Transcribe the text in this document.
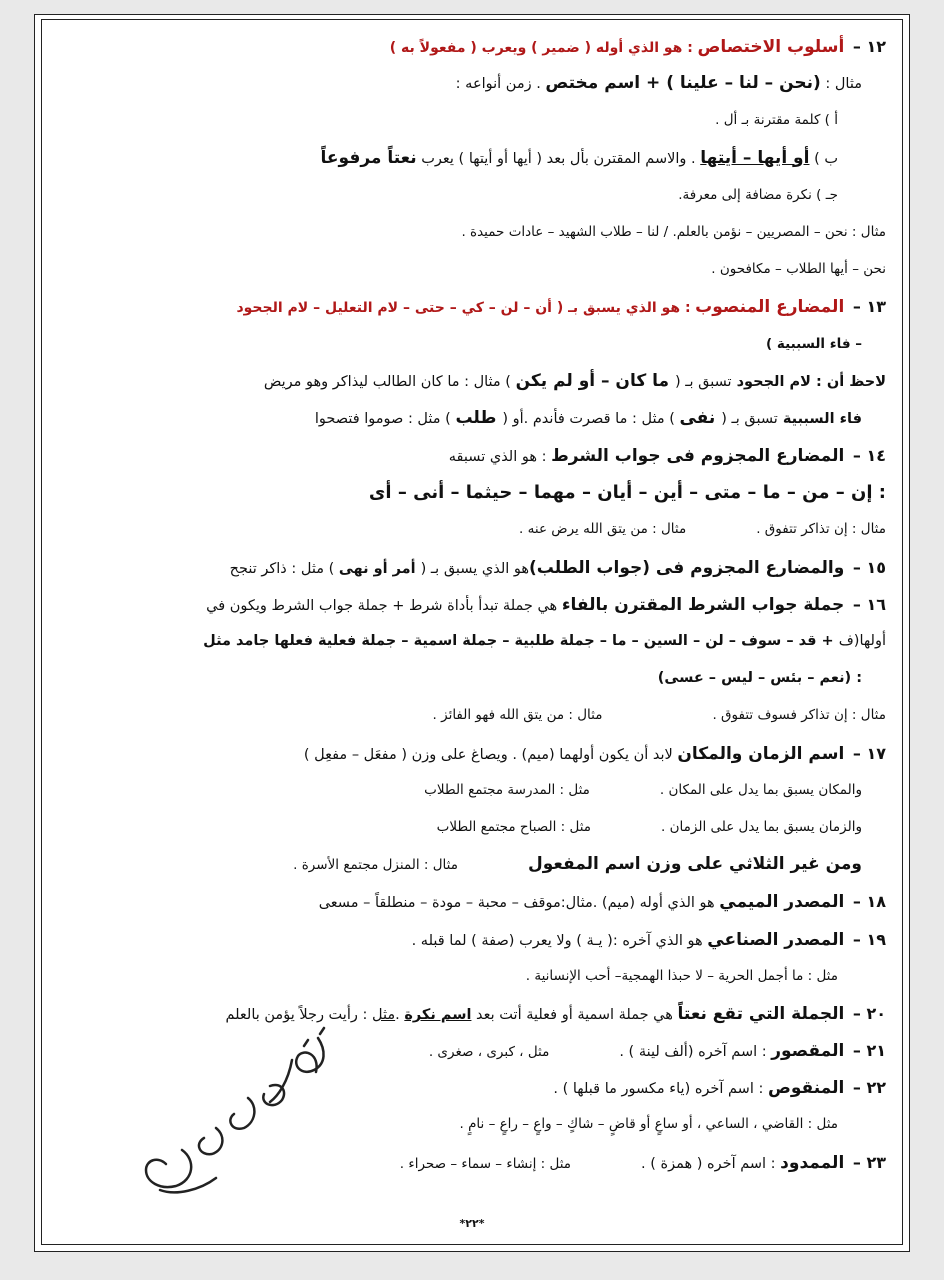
١٢ – أسلوب الاختصاص : هو الذي أوله ( ضمير ) ويعرب ( مفعولاً به )
مثال : (نحن – لنا – علينا ) + اسم مختص . زمن أنواعه :
أ ) كلمة مقترنة بـ أل .
ب ) أو أيها – أيتها . والاسم المقترن بأل بعد ( أيها أو أيتها ) يعرب نعتاً مرفوعاً
جـ ) نكرة مضافة إلى معرفة.
مثال : نحن – المصريين – نؤمن بالعلم. / لنا – طلاب الشهيد – عادات حميدة .
نحن – أيها الطلاب – مكافحون .
١٣ – المضارع المنصوب : هو الذي يسبق بـ ( أن – لن – كي – حتى – لام التعليل – لام الجحود
– فاء السببية )
لاحظ أن : لام الجحود تسبق بـ ( ما كان – أو لم يكن ) مثال : ما كان الطالب ليذاكر وهو مريض
فاء السببية تسبق بـ ( نفى ) مثل : ما قصرت فأندم .أو ( طلب ) مثل : صوموا فتصحوا
١٤ – المضارع المجزوم فى جواب الشرط : هو الذي تسبقه
: إن – من – ما – متى – أين – أيان – مهما – حيثما – أنى – أى
مثال : إن تذاكر تتفوق .مثال : من يتق الله يرض عنه .
١٥ – والمضارع المجزوم فى (جواب الطلب)هو الذي يسبق بـ ( أمر أو نهى ) مثل : ذاكر تنجح
١٦ – جملة جواب الشرط المقترن بالفاء هي جملة تبدأ بأداة شرط + جملة جواب الشرط ويكون في
أولها(ف + قد – سوف – لن – السين – ما – جملة طلبية – جملة اسمية – جملة فعلية فعلها جامد مثل
: (نعم – بئس – ليس – عسى)
مثال : إن تذاكر فسوف تتفوق .مثال : من يتق الله فهو الفائز .
١٧ – اسم الزمان والمكان لابد أن يكون أولهما (ميم) . ويصاغ على وزن ( مفعَل – مفعِل )
والمكان يسبق بما يدل على المكان .مثل : المدرسة مجتمع الطلاب
والزمان يسبق بما يدل على الزمان .مثل : الصباح مجتمع الطلاب
ومن غير الثلاثي على وزن اسم المفعولمثال : المنزل مجتمع الأسرة .
١٨ – المصدر الميمي هو الذي أوله (ميم) .مثال:موقف – محبة – مودة – منطلقاً – مسعى
١٩ – المصدر الصناعي هو الذي آخره :( يـة ) ولا يعرب (صفة ) لما قبله .
مثل : ما أجمل الحرية – لا حبذا الهمجية– أحب الإنسانية .
٢٠ – الجملة التي تقع نعتاً هي جملة اسمية أو فعلية أتت بعد اسم نكرة .مثل : رأيت رجلاً يؤمن بالعلم
٢١ – المقصور : اسم آخره (ألف لينة ) .مثل ، كبرى ، صغرى .
٢٢ – المنقوص : اسم آخره (ياء مكسور ما قبلها ) .
مثل : القاضي ، الساعي ، أو ساعٍ أو قاضٍ – شاكٍ – واعٍ – راعٍ – نامٍ .
٢٣ – الممدود : اسم آخره ( همزة ) .مثل : إنشاء – سماء – صحراء .
العويدي
*٢٢*
